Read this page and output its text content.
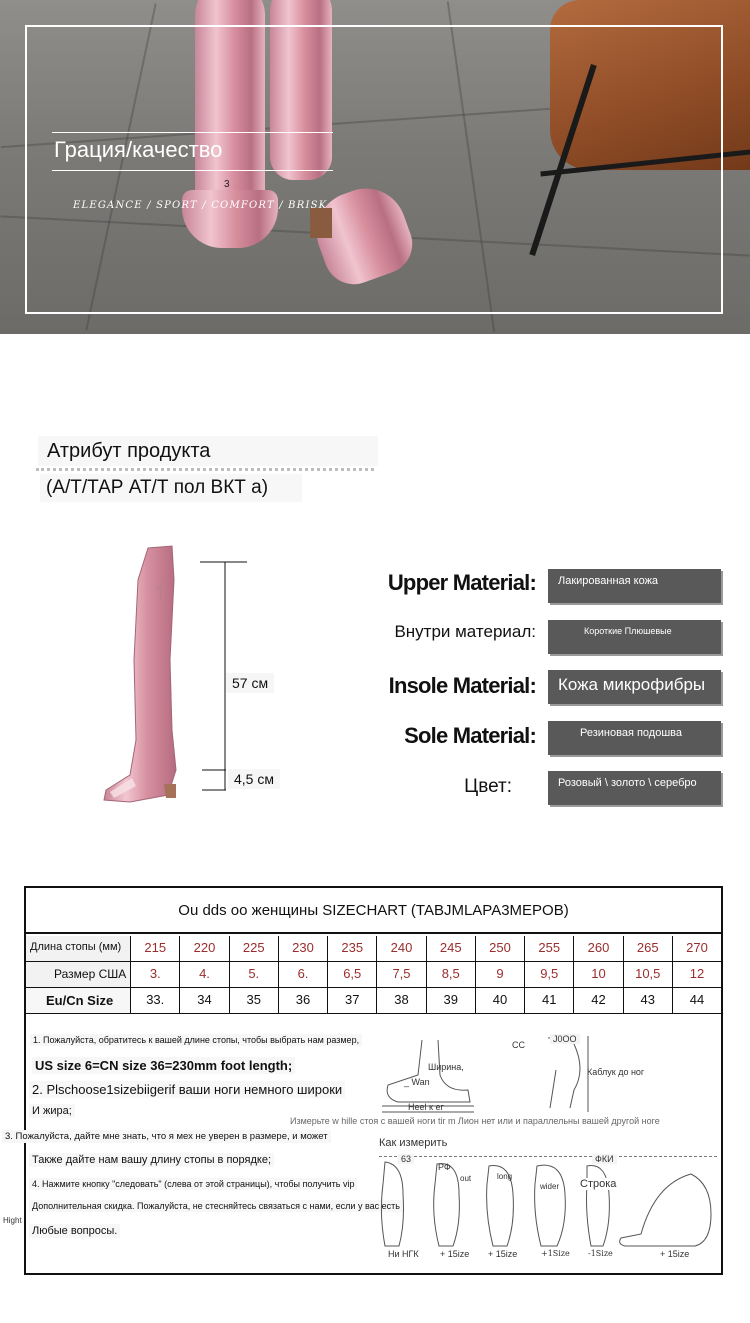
Грация/качество
3
ELEGANCE / SPORT / COMFORT / BRISK
Атрибут продукта
(А/Т/ТАР АТ/Т пол ВКТ а)
57 см
4,5 см
Upper Material:	Лакированная кожа
Внутри материал:	Короткие Плюшевые
Insole Material:	Кожа микрофибры
Sole Material:	Резиновая подошва
Цвет:	Розовый \ золото \ серебро
Ou dds oo женщины SIZECHART (TABJMLAPA3MEPOB)
Длина стопы (мм)	215	220	225	230	235	240	245	250	255	260	265	270
Размер США	3.	4.	5.	6.	6,5	7,5	8,5	9	9,5	10	10,5	12
Eu/Cn Size	33.	34	35	36	37	38	39	40	41	42	43	44
1. Пожалуйста, обратитесь к вашей длине стопы, чтобы выбрать нам размер,
US size 6=CN size 36=230mm foot length;
2. Plschoose1sizebiigerif ваши ноги немного широки
И жира;
3. Пожалуйста, дайте мне знать, что я мех не уверен в размере, и может
Также дайте нам вашу длину стопы в порядке;
4. Нажмите кнопку "следовать" (слева от этой страницы), чтобы получить vip
Дополнительная скидка. Пожалуйста, не стесняйтесь связаться с нами, если у вас есть
Любые вопросы.
Hight
Ширина,
_ Wan
Heel к ег
CC
J0OO
Каблук до ног
Измерьте w hille стоя с вашей ноги tir m Лион нет или и параллельны вашей другой ноге
Как измерить
63
РФ
out	long
wider
ФКИ
Строка
Ни НГК + 15ize + 15ize	+1Size -1Size	+ 15ize
